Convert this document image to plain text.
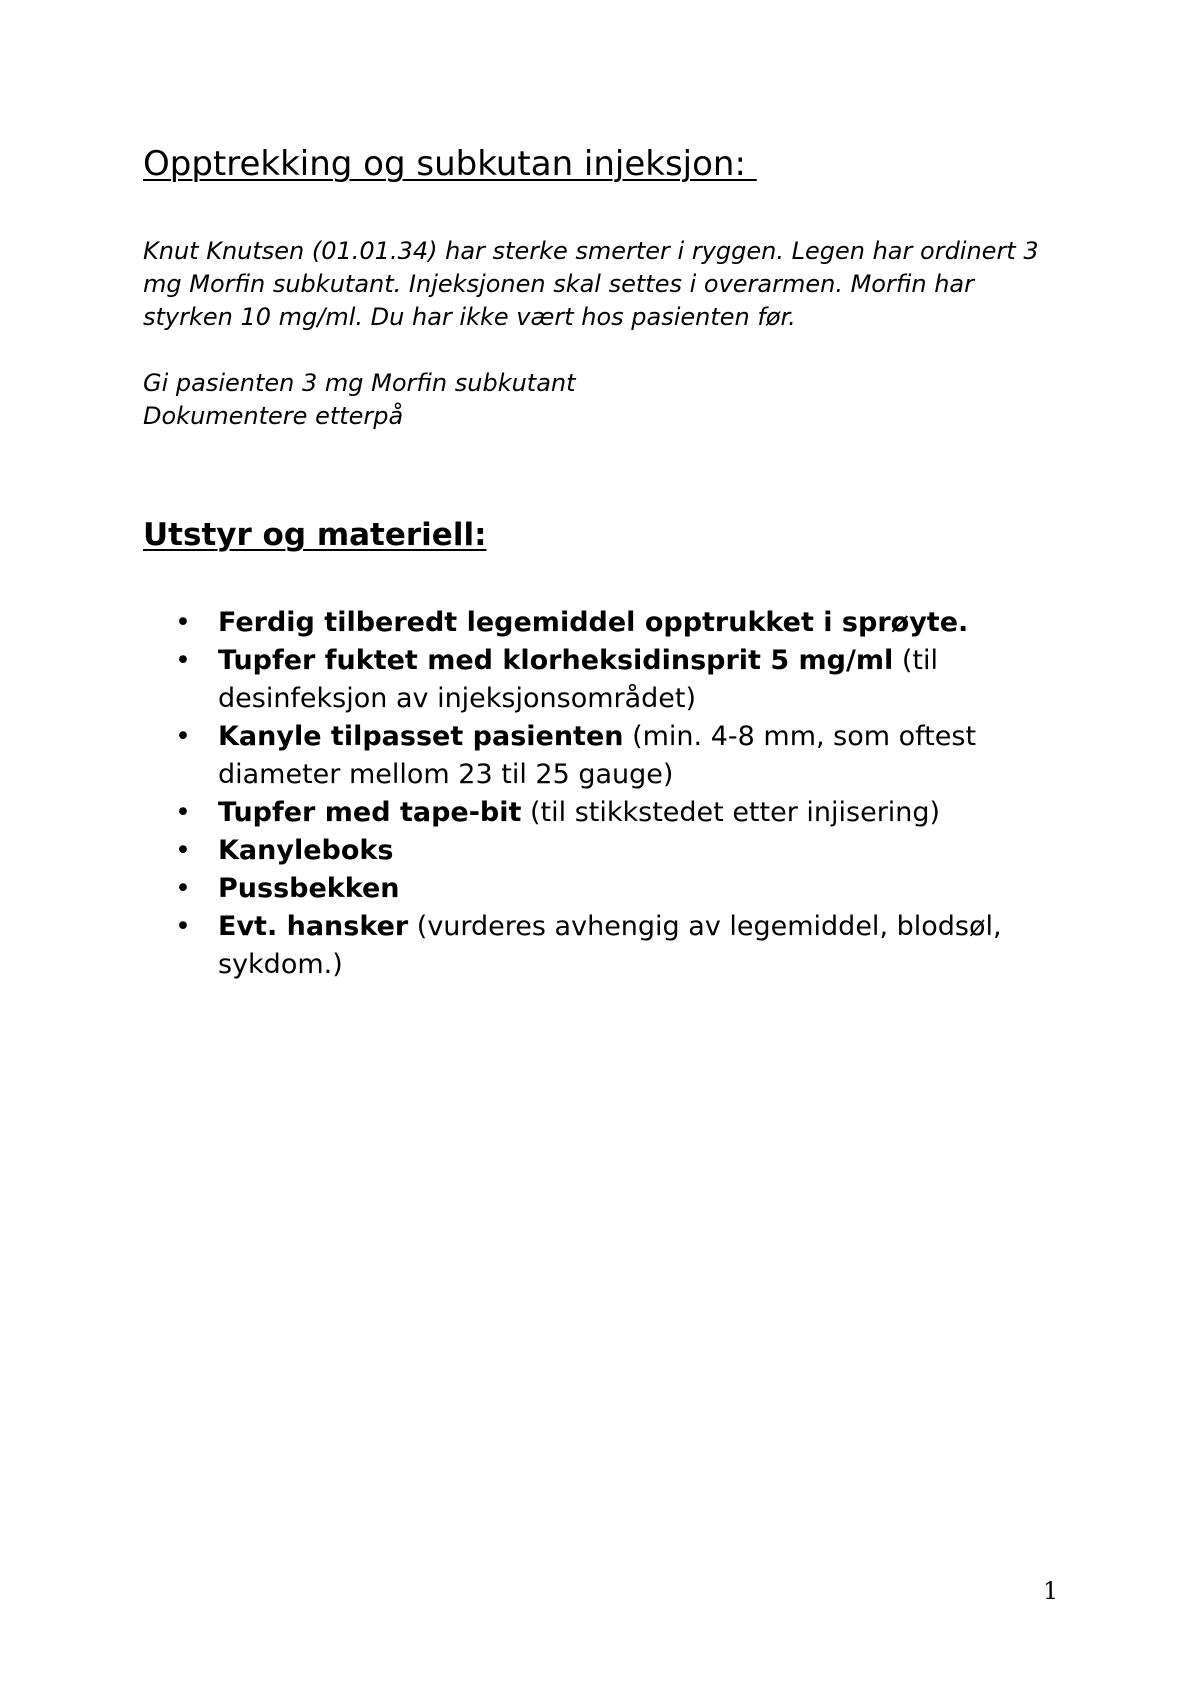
Opptrekking og subkutan injeksjon:

Knut Knutsen (01.01.34) har sterke smerter i ryggen. Legen har ordinert 3 mg Morfin subkutant. Injeksjonen skal settes i overarmen. Morfin har styrken 10 mg/ml. Du har ikke vært hos pasienten før.

Gi pasienten 3 mg Morfin subkutant
Dokumentere etterpå

Utstyr og materiell:
• Ferdig tilberedt legemiddel opptrukket i sprøyte.
• Tupfer fuktet med klorheksidinsprit 5 mg/ml (til desinfeksjon av injeksjonsområdet)
• Kanyle tilpasset pasienten (min. 4-8 mm, som oftest diameter mellom 23 til 25 gauge)
• Tupfer med tape-bit (til stikkstedet etter injisering)
• Kanyleboks
• Pussbekken
• Evt. hansker (vurderes avhengig av legemiddel, blodsøl, sykdom.)
1
